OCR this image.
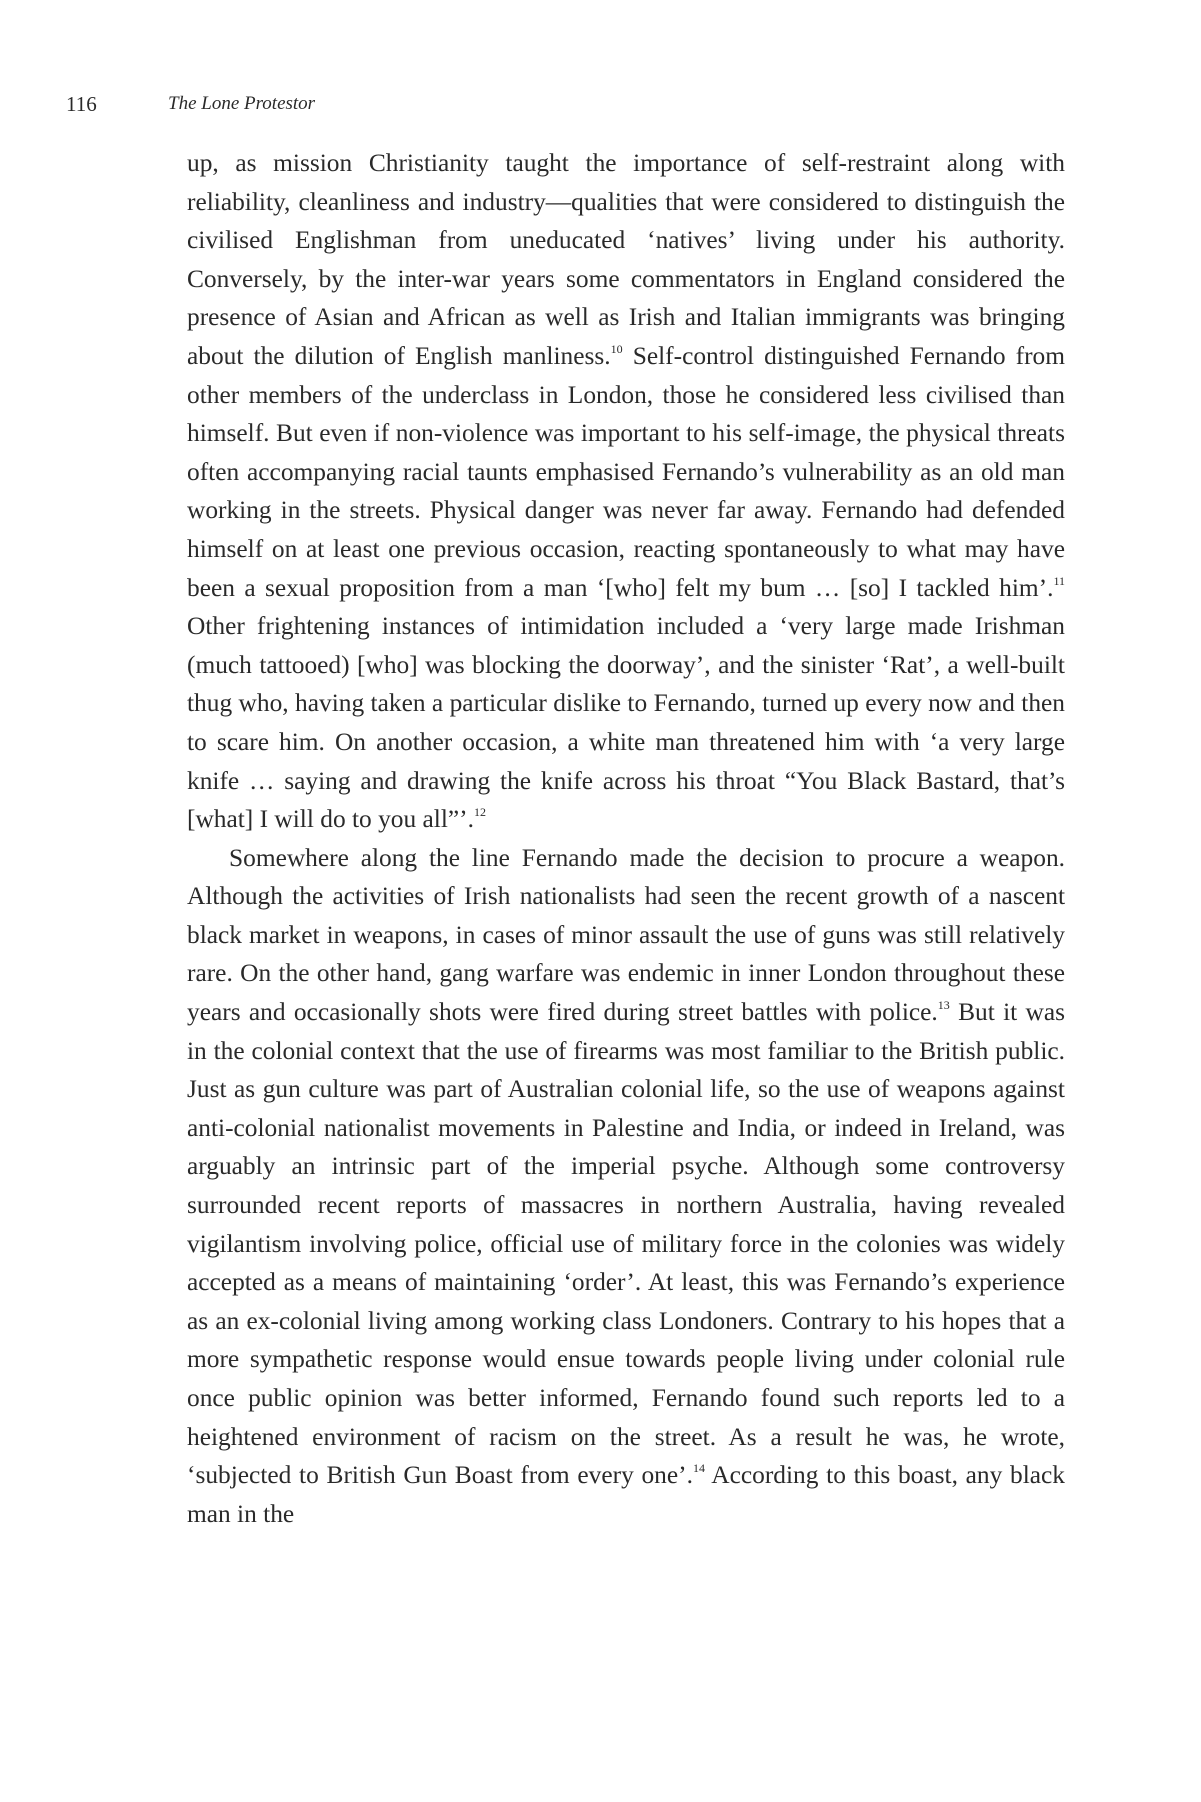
116	The Lone Protestor

up, as mission Christianity taught the importance of self-restraint along with reliability, cleanliness and industry—qualities that were considered to distinguish the civilised Englishman from uneducated ‘natives’ living under his authority. Conversely, by the inter-war years some commentators in England considered the presence of Asian and African as well as Irish and Italian immigrants was bringing about the dilution of English manliness.$^{10}$ Self-control distinguished Fernando from other members of the underclass in London, those he considered less civilised than himself. But even if non-violence was important to his self-image, the physical threats often accompanying racial taunts emphasised Fernando’s vulnerability as an old man working in the streets. Physical danger was never far away. Fernando had defended himself on at least one previous occasion, reacting spontaneously to what may have been a sexual proposition from a man ‘[who] felt my bum … [so] I tackled him’.$^{11}$ Other frightening instances of intimidation included a ‘very large made Irishman (much tattooed) [who] was blocking the doorway’, and the sinister ‘Rat’, a well-built thug who, having taken a particular dislike to Fernando, turned up every now and then to scare him. On another occasion, a white man threatened him with ‘a very large knife … saying and drawing the knife across his throat “You Black Bastard, that’s [what] I will do to you all”’.$^{12}$

Somewhere along the line Fernando made the decision to procure a weapon. Although the activities of Irish nationalists had seen the recent growth of a nascent black market in weapons, in cases of minor assault the use of guns was still relatively rare. On the other hand, gang warfare was endemic in inner London throughout these years and occasionally shots were fired during street battles with police.$^{13}$ But it was in the colonial context that the use of firearms was most familiar to the British public. Just as gun culture was part of Australian colonial life, so the use of weapons against anti-colonial nationalist movements in Palestine and India, or indeed in Ireland, was arguably an intrinsic part of the imperial psyche. Although some controversy surrounded recent reports of massacres in northern Australia, having revealed vigilantism involving police, official use of military force in the colonies was widely accepted as a means of maintaining ‘order’. At least, this was Fernando’s experience as an ex-colonial living among working class Londoners. Contrary to his hopes that a more sympathetic response would ensue towards people living under colonial rule once public opinion was better informed, Fernando found such reports led to a heightened environment of racism on the street. As a result he was, he wrote, ‘subjected to British Gun Boast from every one’.$^{14}$ According to this boast, any black man in the
